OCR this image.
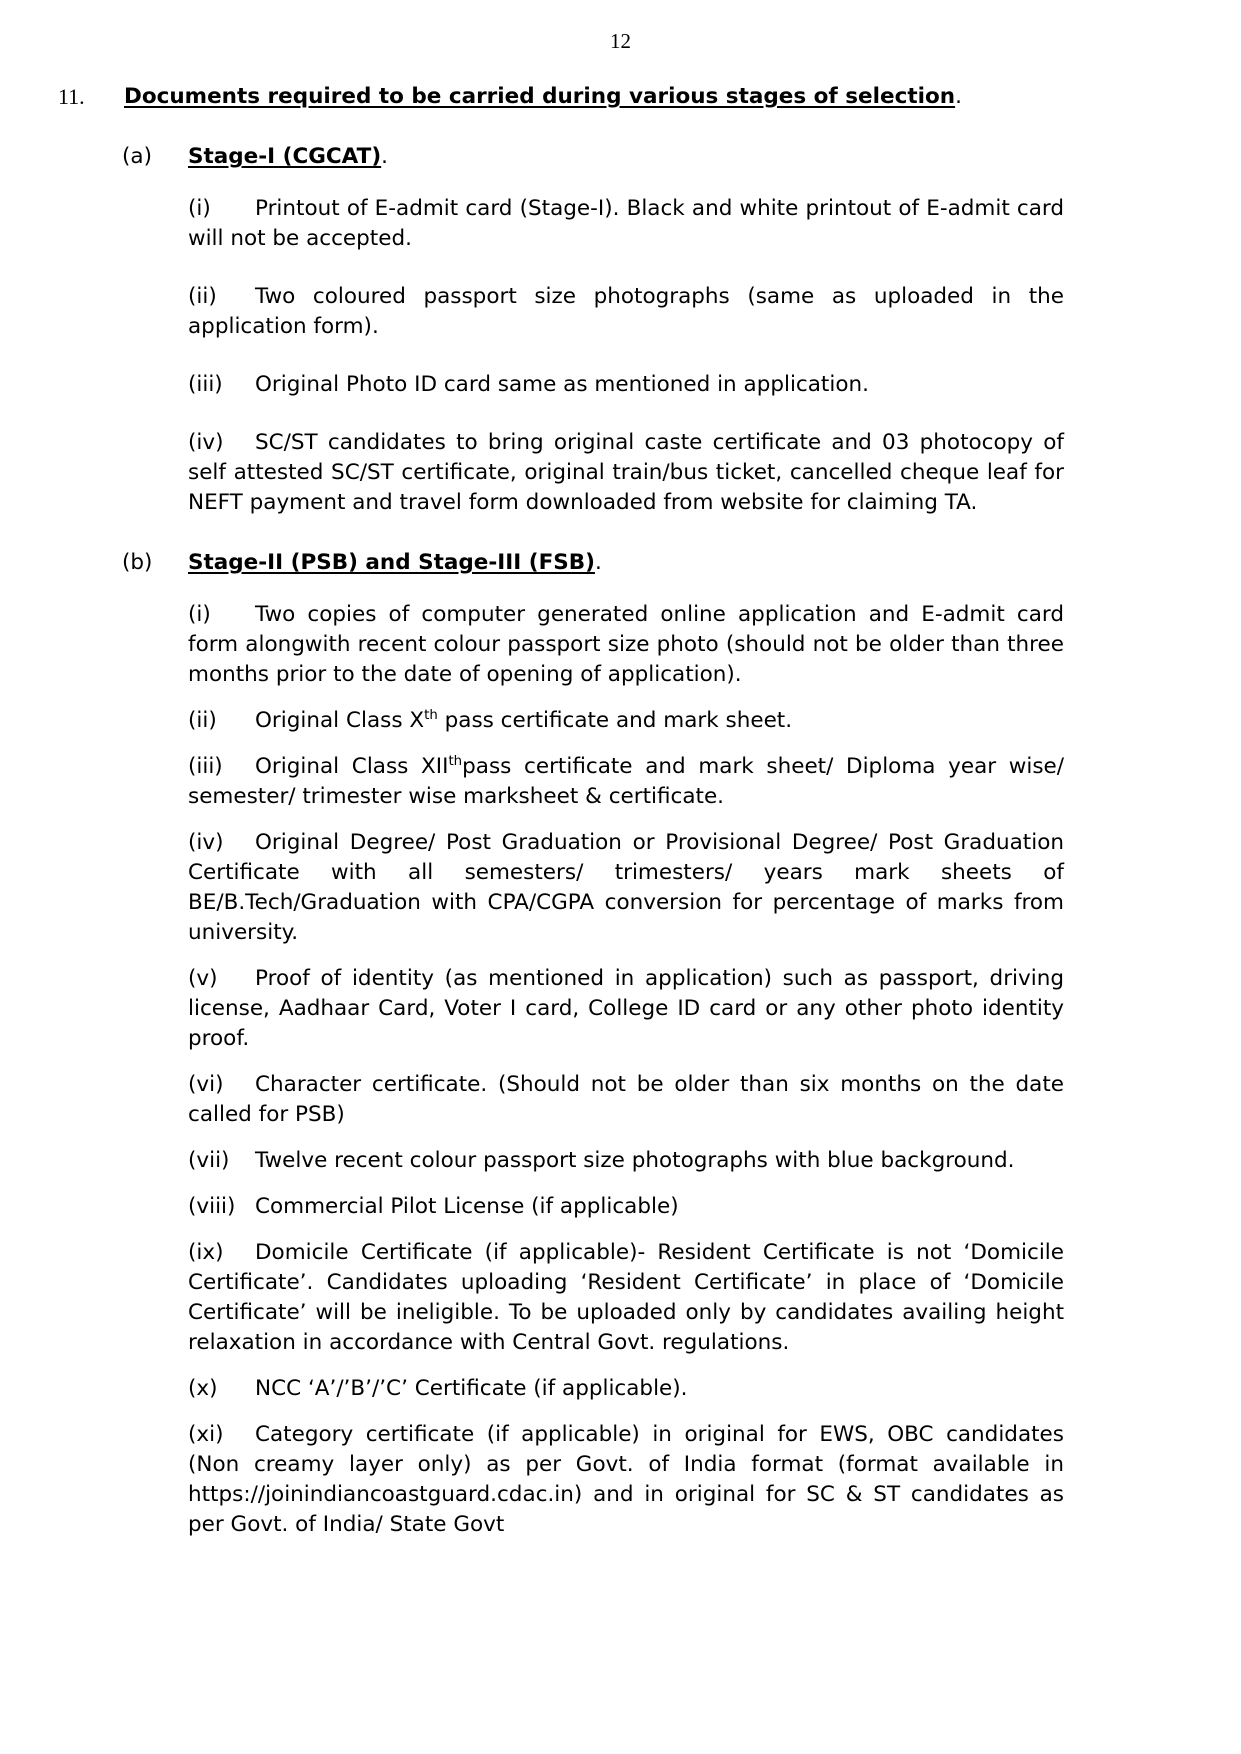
12
11. Documents required to be carried during various stages of selection.
(a) Stage-I (CGCAT).
(i) Printout of E-admit card (Stage-I). Black and white printout of E-admit card will not be accepted.
(ii) Two coloured passport size photographs (same as uploaded in the application form).
(iii) Original Photo ID card same as mentioned in application.
(iv) SC/ST candidates to bring original caste certificate and 03 photocopy of self attested SC/ST certificate, original train/bus ticket, cancelled cheque leaf for NEFT payment and travel form downloaded from website for claiming TA.
(b) Stage-II (PSB) and Stage-III (FSB).
(i) Two copies of computer generated online application and E-admit card form alongwith recent colour passport size photo (should not be older than three months prior to the date of opening of application).
(ii) Original Class Xth pass certificate and mark sheet.
(iii) Original Class XIIthpass certificate and mark sheet/ Diploma year wise/ semester/ trimester wise marksheet & certificate.
(iv) Original Degree/ Post Graduation or Provisional Degree/ Post Graduation Certificate with all semesters/ trimesters/ years mark sheets of BE/B.Tech/Graduation with CPA/CGPA conversion for percentage of marks from university.
(v) Proof of identity (as mentioned in application) such as passport, driving license, Aadhaar Card, Voter I card, College ID card or any other photo identity proof.
(vi) Character certificate. (Should not be older than six months on the date called for PSB)
(vii) Twelve recent colour passport size photographs with blue background.
(viii) Commercial Pilot License (if applicable)
(ix) Domicile Certificate (if applicable)- Resident Certificate is not ‘Domicile Certificate’. Candidates uploading ‘Resident Certificate’ in place of ‘Domicile Certificate’ will be ineligible. To be uploaded only by candidates availing height relaxation in accordance with Central Govt. regulations.
(x) NCC ‘A’/’B’/’C’ Certificate (if applicable).
(xi) Category certificate (if applicable) in original for EWS, OBC candidates (Non creamy layer only) as per Govt. of India format (format available in https://joinindiancoastguard.cdac.in) and in original for SC & ST candidates as per Govt. of India/ State Govt
